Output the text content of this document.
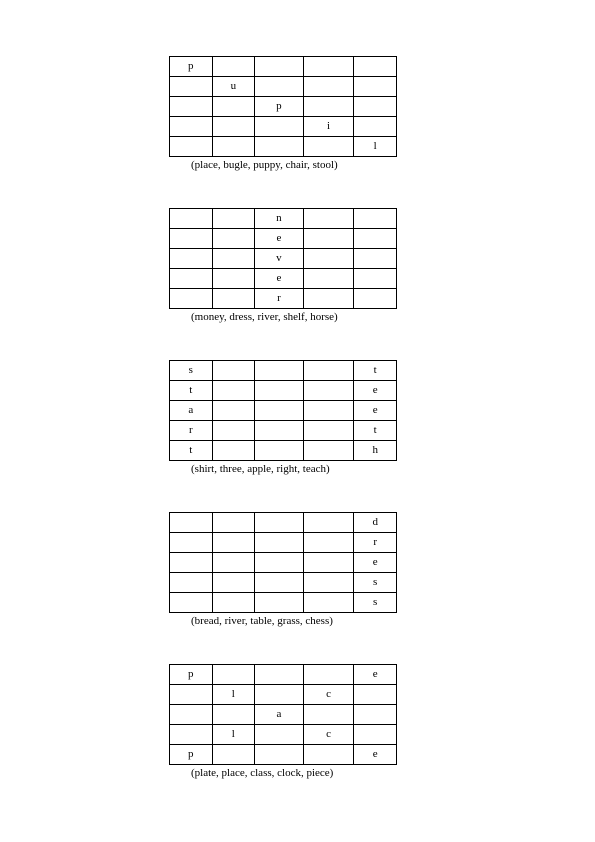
p				
	u			
		p		
			i	
				l
(place, bugle, puppy, chair, stool)
		n		
		e		
		v		
		e		
		r		
(money, dress, river, shelf, horse)
s				t
t				e
a				e
r				t
t				h
(shirt, three, apple, right, teach)
				d
				r
				e
				s
				s
(bread, river, table, grass, chess)
p				e
	l		c	
		a		
	l		c	
p				e
(plate, place, class, clock, piece)
